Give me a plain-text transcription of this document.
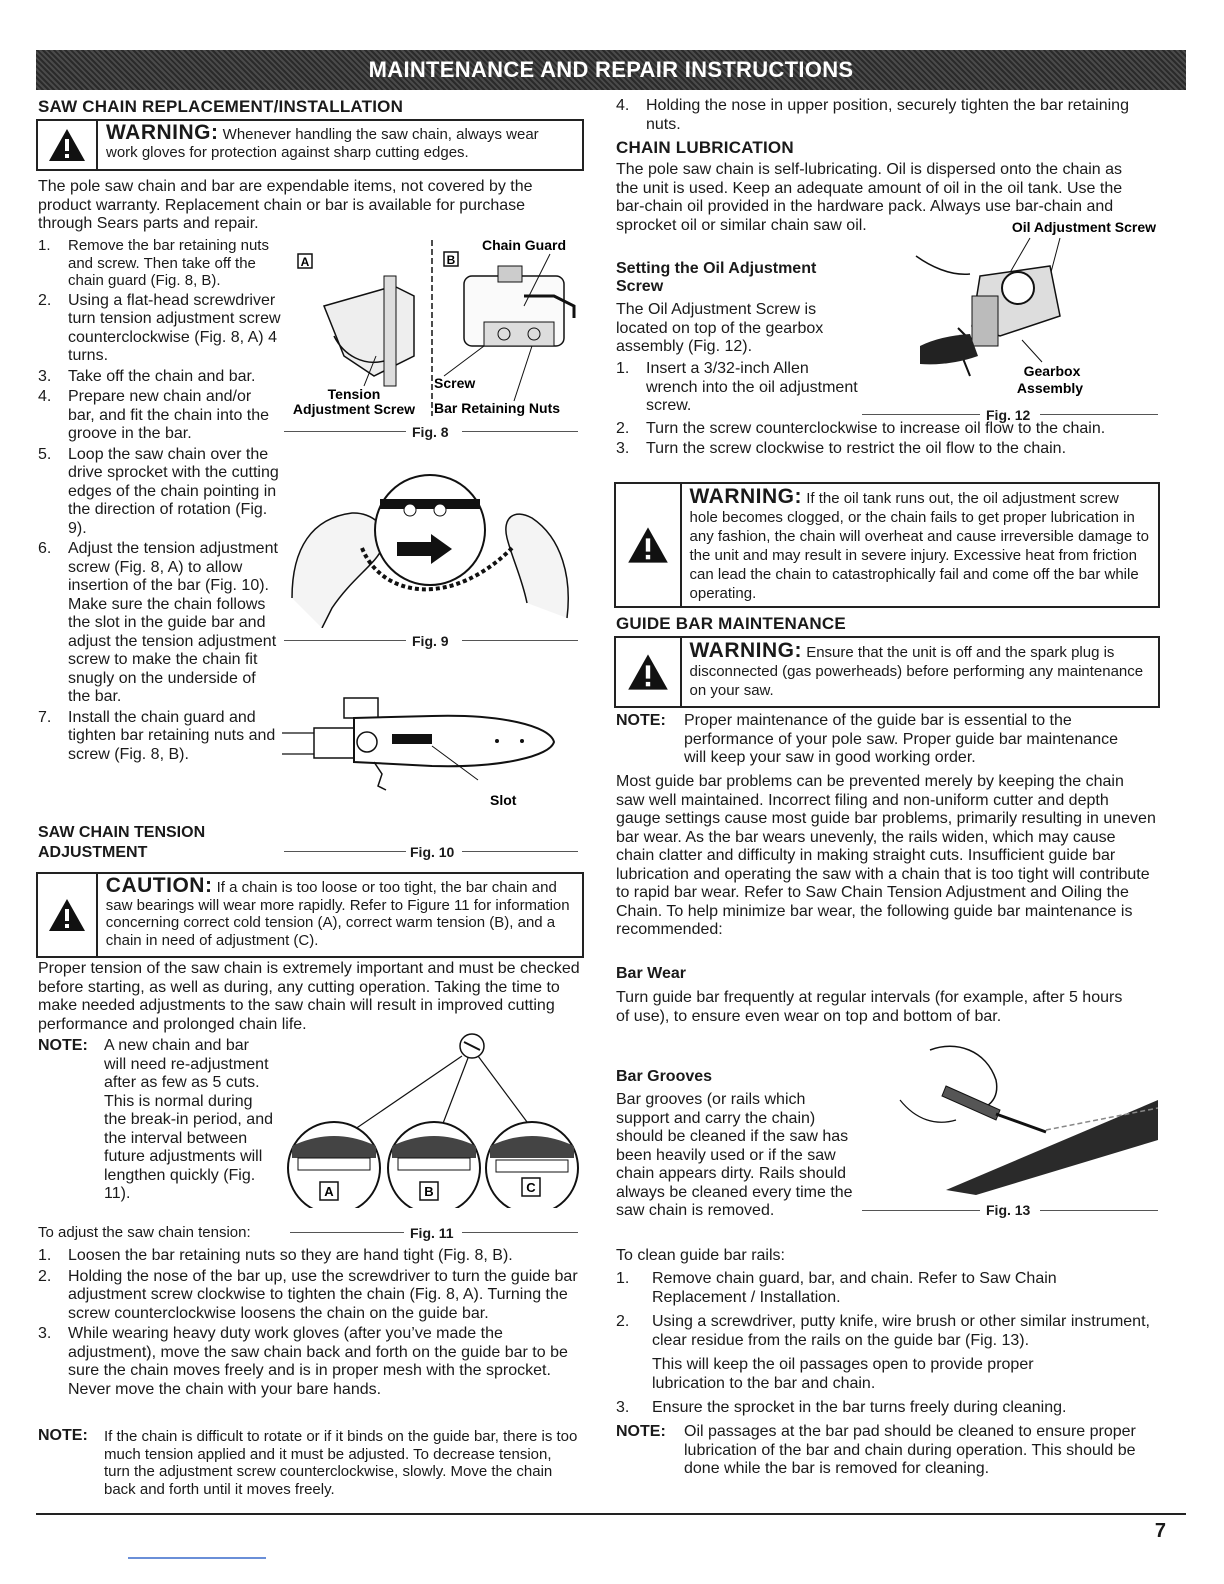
MAINTENANCE AND REPAIR INSTRUCTIONS
SAW CHAIN REPLACEMENT/INSTALLATION
WARNING: Whenever handling the saw chain, always wear work gloves for protection against sharp cutting edges.
The pole saw chain and bar are expendable items, not covered by the product warranty. Replacement chain or bar is available for purchase through Sears parts and repair.
1. Remove the bar retaining nuts and screw. Then take off the chain guard (Fig. 8, B).
2. Using a flat-head screwdriver turn tension adjustment screw counterclockwise (Fig. 8, A) 4 turns.
3. Take off the chain and bar.
4. Prepare new chain and/or bar, and fit the chain into the groove in the bar.
5. Loop the saw chain over the drive sprocket with the cutting edges of the chain pointing in the direction of rotation (Fig. 9).
6. Adjust the tension adjustment screw (Fig. 8, A) to allow insertion of the bar (Fig. 10). Make sure the chain follows the slot in the guide bar and adjust the tension adjustment screw to make the chain fit snugly on the underside of the bar.
7. Install the chain guard and tighten bar retaining nuts and screw (Fig. 8, B).
A	B
Chain Guard
Tension
Adjustment Screw
Screw
Bar Retaining Nuts
Fig. 8
Fig. 9
Slot
SAW CHAIN TENSION
ADJUSTMENT	Fig. 10
CAUTION: If a chain is too loose or too tight, the bar chain and saw bearings will wear more rapidly. Refer to Figure 11 for information concerning correct cold tension (A), correct warm tension (B), and a chain in need of adjustment (C).
Proper tension of the saw chain is extremely important and must be checked before starting, as well as during, any cutting operation. Taking the time to make needed adjustments to the saw chain will result in improved cutting performance and prolonged chain life.
NOTE: A new chain and bar will need re-adjustment after as few as 5 cuts. This is normal during the break-in period, and the interval between future adjustments will lengthen quickly (Fig. 11).	A	B	C
To adjust the saw chain tension:	Fig. 11
1. Loosen the bar retaining nuts so they are hand tight (Fig. 8, B).
2. Holding the nose of the bar up, use the screwdriver to turn the guide bar adjustment screw clockwise to tighten the chain (Fig. 8, A). Turning the screw counterclockwise loosens the chain on the guide bar.
3. While wearing heavy duty work gloves (after you’ve made the adjustment), move the saw chain back and forth on the guide bar to be sure the chain moves freely and is in proper mesh with the sprocket. Never move the chain with your bare hands.
NOTE: If the chain is difficult to rotate or if it binds on the guide bar, there is too much tension applied and it must be adjusted. To decrease tension, turn the adjustment screw counterclockwise, slowly. Move the chain back and forth until it moves freely.
4. Holding the nose in upper position, securely tighten the bar retaining nuts.
CHAIN LUBRICATION
The pole saw chain is self-lubricating. Oil is dispersed onto the chain as the unit is used. Keep an adequate amount of oil in the oil tank. Use the bar-chain oil provided in the hardware pack. Always use bar-chain and sprocket oil or similar chain saw oil.
Setting the Oil Adjustment Screw
The Oil Adjustment Screw is located on top of the gearbox assembly (Fig. 12).
1. Insert a 3/32-inch Allen wrench into the oil adjustment screw.
2. Turn the screw counterclockwise to increase oil flow to the chain.
3. Turn the screw clockwise to restrict the oil flow to the chain.
Oil Adjustment Screw
Gearbox
Assembly
Fig. 12
WARNING: If the oil tank runs out, the oil adjustment screw hole becomes clogged, or the chain fails to get proper lubrication in any fashion, the chain will overheat and cause irreversible damage to the unit and may result in severe injury. Excessive heat from friction can lead the chain to catastrophically fail and come off the bar while operating.
GUIDE BAR MAINTENANCE
WARNING: Ensure that the unit is off and the spark plug is disconnected (gas powerheads) before performing any maintenance on your saw.
NOTE: Proper maintenance of the guide bar is essential to the performance of your pole saw. Proper guide bar maintenance will keep your saw in good working order.
Most guide bar problems can be prevented merely by keeping the chain saw well maintained. Incorrect filing and non-uniform cutter and depth gauge settings cause most guide bar problems, primarily resulting in uneven bar wear. As the bar wears unevenly, the rails widen, which may cause chain clatter and difficulty in making straight cuts. Insufficient guide bar lubrication and operating the saw with a chain that is too tight will contribute to rapid bar wear. Refer to Saw Chain Tension Adjustment and Oiling the Chain. To help minimize bar wear, the following guide bar maintenance is recommended:
Bar Wear
Turn guide bar frequently at regular intervals (for example, after 5 hours of use), to ensure even wear on top and bottom of bar.
Bar Grooves
Bar grooves (or rails which support and carry the chain) should be cleaned if the saw has been heavily used or if the saw chain appears dirty. Rails should always be cleaned every time the saw chain is removed.	Fig. 13
To clean guide bar rails:
1. Remove chain guard, bar, and chain. Refer to Saw Chain Replacement / Installation.
2. Using a screwdriver, putty knife, wire brush or other similar instrument, clear residue from the rails on the guide bar (Fig. 13).
This will keep the oil passages open to provide proper lubrication to the bar and chain.
3. Ensure the sprocket in the bar turns freely during cleaning.
NOTE: Oil passages at the bar pad should be cleaned to ensure proper lubrication of the bar and chain during operation. This should be done while the bar is removed for cleaning.
7
